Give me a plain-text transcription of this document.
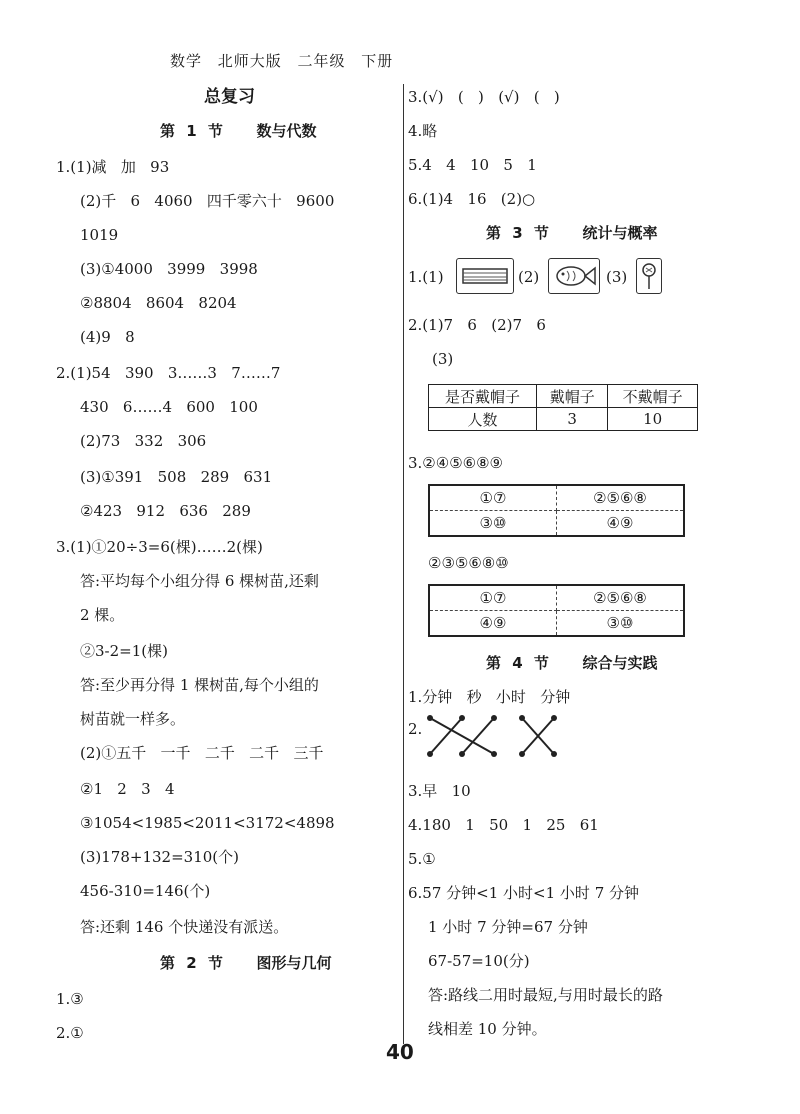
数学 北师大版 二年级 下册
总复习
第 1 节   数与代数
1.(1)减   加   93
(2)千   6   4060   四千零六十   9600
1019
(3)①4000   3999   3998
②8804   8604   8204
(4)9   8
2.(1)54   390   3……3   7……7
430   6……4   600   100
(2)73   332   306
(3)①391   508   289   631
②423   912   636   289
3.(1)①20÷3=6(棵)……2(棵)
答:平均每个小组分得 6 棵树苗,还剩
2 棵。
②3-2=1(棵)
答:至少再分得 1 棵树苗,每个小组的
树苗就一样多。
(2)①五千   一千   二千   二千   三千
②1   2   3   4
③1054<1985<2011<3172<4898
(3)178+132=310(个)
456-310=146(个)
答:还剩 146 个快递没有派送。
第 2 节   图形与几何
1.③
2.①
3.(√)   (   )   (√)   (   )
4.略
5.4   4   10   5   1
6.(1)4   16   (2)○
第 3 节   统计与概率
1.(1)	(2)	(3)
2.(1)7   6   (2)7   6
(3)
是否戴帽子	戴帽子	不戴帽子
人数	3	10
3.②④⑤⑥⑧⑨
①⑦	②⑤⑥⑧
③⑩	④⑨
②③⑤⑥⑧⑩
①⑦	②⑤⑥⑧
④⑨	③⑩
第 4 节   综合与实践
1.分钟   秒   小时   分钟
2.
3.早   10
4.180   1   50   1   25   61
5.①
6.57 分钟<1 小时<1 小时 7 分钟
1 小时 7 分钟=67 分钟
67-57=10(分)
答:路线二用时最短,与用时最长的路
线相差 10 分钟。
40
